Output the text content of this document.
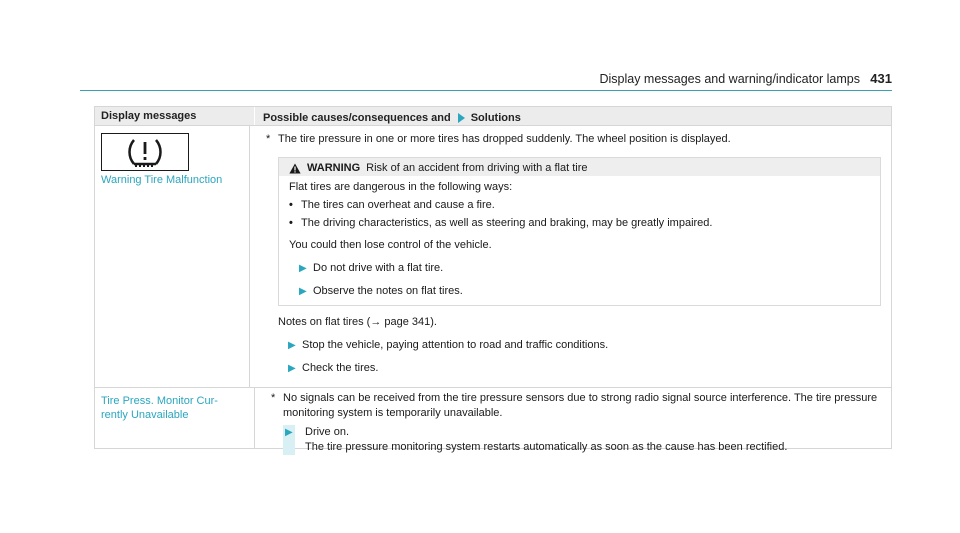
Display messages and warning/indicator lamps 431
Display messages	Possible causes/consequences and Solutions
Warning Tire Malfunction
* The tire pressure in one or more tires has dropped suddenly. The wheel position is displayed.
WARNING Risk of an accident from driving with a flat tire
Flat tires are dangerous in the following ways:
• The tires can overheat and cause a fire.
• The driving characteristics, as well as steering and braking, may be greatly impaired.
You could then lose control of the vehicle.
▶ Do not drive with a flat tire.
▶ Observe the notes on flat tires.
Notes on flat tires (→ page 341).
▶ Stop the vehicle, paying attention to road and traffic conditions.
▶ Check the tires.
Tire Press. Monitor Cur-
rently Unavailable
* No signals can be received from the tire pressure sensors due to strong radio signal source interference. The tire pressure monitoring system is temporarily unavailable.
▶ Drive on.
The tire pressure monitoring system restarts automatically as soon as the cause has been rectified.
